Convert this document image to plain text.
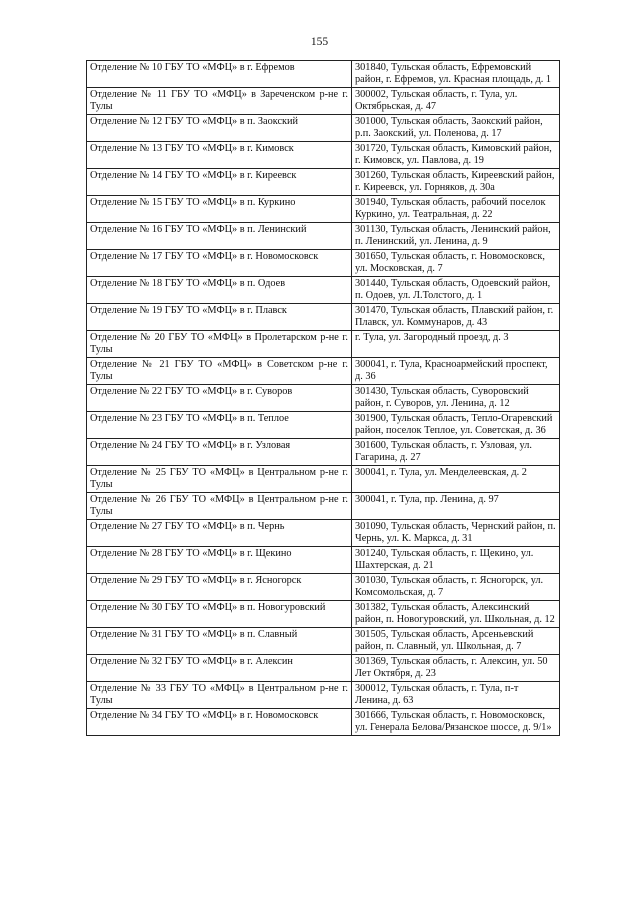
155
Отделение № 10 ГБУ ТО «МФЦ» в г. Ефремов	301840, Тульская область, Ефремовский район, г. Ефремов, ул. Красная площадь, д. 1
Отделение № 11 ГБУ ТО «МФЦ» в Зареченском р-не г. Тулы	300002, Тульская область, г. Тула, ул. Октябрьская, д. 47
Отделение № 12 ГБУ ТО «МФЦ» в п. Заокский	301000, Тульская область, Заокский район, р.п. Заокский, ул. Поленова, д. 17
Отделение № 13 ГБУ ТО «МФЦ» в г. Кимовск	301720, Тульская область, Кимовский район, г. Кимовск, ул. Павлова, д. 19
Отделение № 14 ГБУ ТО «МФЦ» в г. Киреевск	301260, Тульская область, Киреевский район, г. Киреевск, ул. Горняков, д. 30а
Отделение № 15 ГБУ ТО «МФЦ» в п. Куркино	301940, Тульская область, рабочий поселок Куркино, ул. Театральная, д. 22
Отделение № 16 ГБУ ТО «МФЦ» в п. Ленинский	301130, Тульская область, Ленинский район, п. Ленинский, ул. Ленина, д. 9
Отделение № 17 ГБУ ТО «МФЦ» в г. Новомосковск	301650, Тульская область, г. Новомосковск, ул. Московская, д. 7
Отделение № 18 ГБУ ТО «МФЦ» в п. Одоев	301440, Тульская область, Одоевский район, п. Одоев, ул. Л.Толстого, д. 1
Отделение № 19 ГБУ ТО «МФЦ» в г. Плавск	301470, Тульская область, Плавский район, г. Плавск, ул. Коммунаров, д. 43
Отделение № 20 ГБУ ТО «МФЦ» в Пролетарском р-не г. Тулы	г. Тула, ул. Загородный проезд, д. 3
Отделение № 21 ГБУ ТО «МФЦ» в Советском р-не г. Тулы	300041, г. Тула, Красноармейский проспект, д. 36
Отделение № 22 ГБУ ТО «МФЦ» в г. Суворов	301430, Тульская область, Суворовский район, г. Суворов, ул. Ленина, д. 12
Отделение № 23 ГБУ ТО «МФЦ» в п. Теплое	301900, Тульская область, Тепло-Огаревский район, поселок Теплое, ул. Советская, д. 36
Отделение № 24 ГБУ ТО «МФЦ» в г. Узловая	301600, Тульская область, г. Узловая, ул. Гагарина, д. 27
Отделение № 25 ГБУ ТО «МФЦ» в Центральном р-не г. Тулы	300041, г. Тула, ул. Менделеевская, д. 2
Отделение № 26 ГБУ ТО «МФЦ» в Центральном р-не г. Тулы	300041, г. Тула, пр. Ленина, д. 97
Отделение № 27 ГБУ ТО «МФЦ» в п. Чернь	301090, Тульская область, Чернский район, п. Чернь, ул. К. Маркса, д. 31
Отделение № 28 ГБУ ТО «МФЦ» в г. Щекино	301240, Тульская область, г. Щекино, ул. Шахтерская, д. 21
Отделение № 29 ГБУ ТО «МФЦ» в г. Ясногорск	301030, Тульская область, г. Ясногорск, ул. Комсомольская, д. 7
Отделение № 30 ГБУ ТО «МФЦ» в п. Новогуровский	301382, Тульская область, Алексинский район, п. Новогуровский, ул. Школьная, д. 12
Отделение № 31 ГБУ ТО «МФЦ» в п. Славный	301505, Тульская область, Арсеньевский район, п. Славный, ул. Школьная, д. 7
Отделение № 32 ГБУ ТО «МФЦ» в г. Алексин	301369, Тульская область, г. Алексин, ул. 50 Лет Октября, д. 23
Отделение № 33 ГБУ ТО «МФЦ» в Центральном р-не г. Тулы	300012, Тульская область, г. Тула, п-т Ленина, д. 63
Отделение № 34 ГБУ ТО «МФЦ» в г. Новомосковск	301666, Тульская область, г. Новомосковск, ул. Генерала Белова/Рязанское шоссе, д. 9/1»
